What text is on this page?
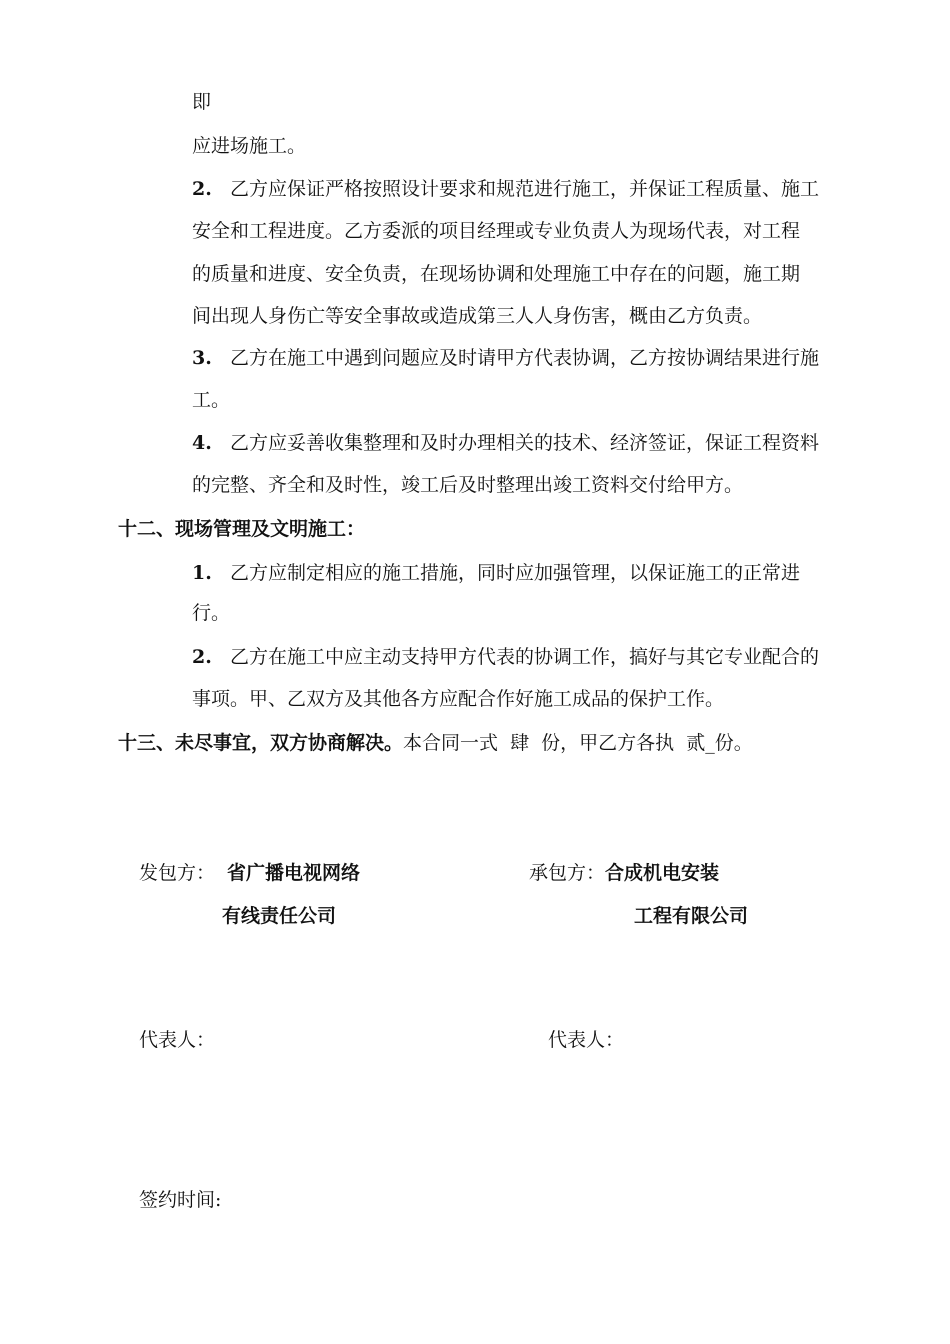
即
应进场施工。
2. 乙方应保证严格按照设计要求和规范进行施工，并保证工程质量、施工
安全和工程进度。乙方委派的项目经理或专业负责人为现场代表，对工程
的质量和进度、安全负责，在现场协调和处理施工中存在的问题，施工期
间出现人身伤亡等安全事故或造成第三人人身伤害，概由乙方负责。
3. 乙方在施工中遇到问题应及时请甲方代表协调，乙方按协调结果进行施
工。
4. 乙方应妥善收集整理和及时办理相关的技术、经济签证，保证工程资料
的完整、齐全和及时性，竣工后及时整理出竣工资料交付给甲方。
十二、现场管理及文明施工：
1. 乙方应制定相应的施工措施，同时应加强管理，以保证施工的正常进
行。
2. 乙方在施工中应主动支持甲方代表的协调工作，搞好与其它专业配合的
事项。甲、乙双方及其他各方应配合作好施工成品的保护工作。
十三、未尽事宜，双方协商解决。本合同一式  肆  份，甲乙方各执  贰_份。
发包方： 省广播电视网络
有线责任公司
承包方：合成机电安装
工程有限公司
代表人：	代表人：
签约时间:
